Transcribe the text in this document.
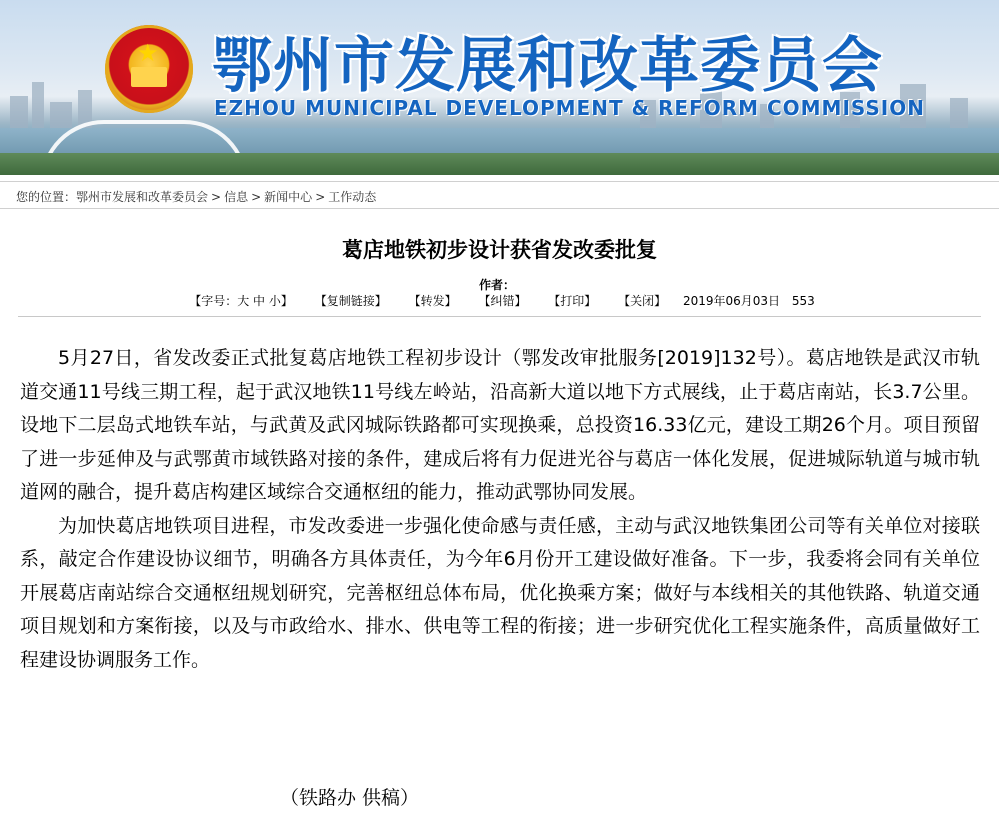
★ 鄂州市发展和改革委员会
EZHOU MUNICIPAL DEVELOPMENT & REFORM COMMISSION
您的位置：鄂州市发展和改革委员会 > 信息 > 新闻中心 > 工作动态
葛店地铁初步设计获省发改委批复
作者：
【字号：大 中 小】 【复制链接】 【转发】 【纠错】 【打印】 【关闭】 2019年06月03日 553

5月27日，省发改委正式批复葛店地铁工程初步设计（鄂发改审批服务[2019]132号）。葛店地铁是武汉市轨道交通11号线三期工程，起于武汉地铁11号线左岭站，沿高新大道以地下方式展线，止于葛店南站，长3.7公里。设地下二层岛式地铁车站，与武黄及武冈城际铁路都可实现换乘，总投资16.33亿元，建设工期26个月。项目预留了进一步延伸及与武鄂黄市域铁路对接的条件，建成后将有力促进光谷与葛店一体化发展，促进城际轨道与城市轨道网的融合，提升葛店构建区域综合交通枢纽的能力，推动武鄂协同发展。

为加快葛店地铁项目进程，市发改委进一步强化使命感与责任感，主动与武汉地铁集团公司等有关单位对接联系，敲定合作建设协议细节，明确各方具体责任，为今年6月份开工建设做好准备。下一步，我委将会同有关单位开展葛店南站综合交通枢纽规划研究，完善枢纽总体布局，优化换乘方案；做好与本线相关的其他铁路、轨道交通项目规划和方案衔接，以及与市政给水、排水、供电等工程的衔接；进一步研究优化工程实施条件，高质量做好工程建设协调服务工作。

（铁路办 供稿）
